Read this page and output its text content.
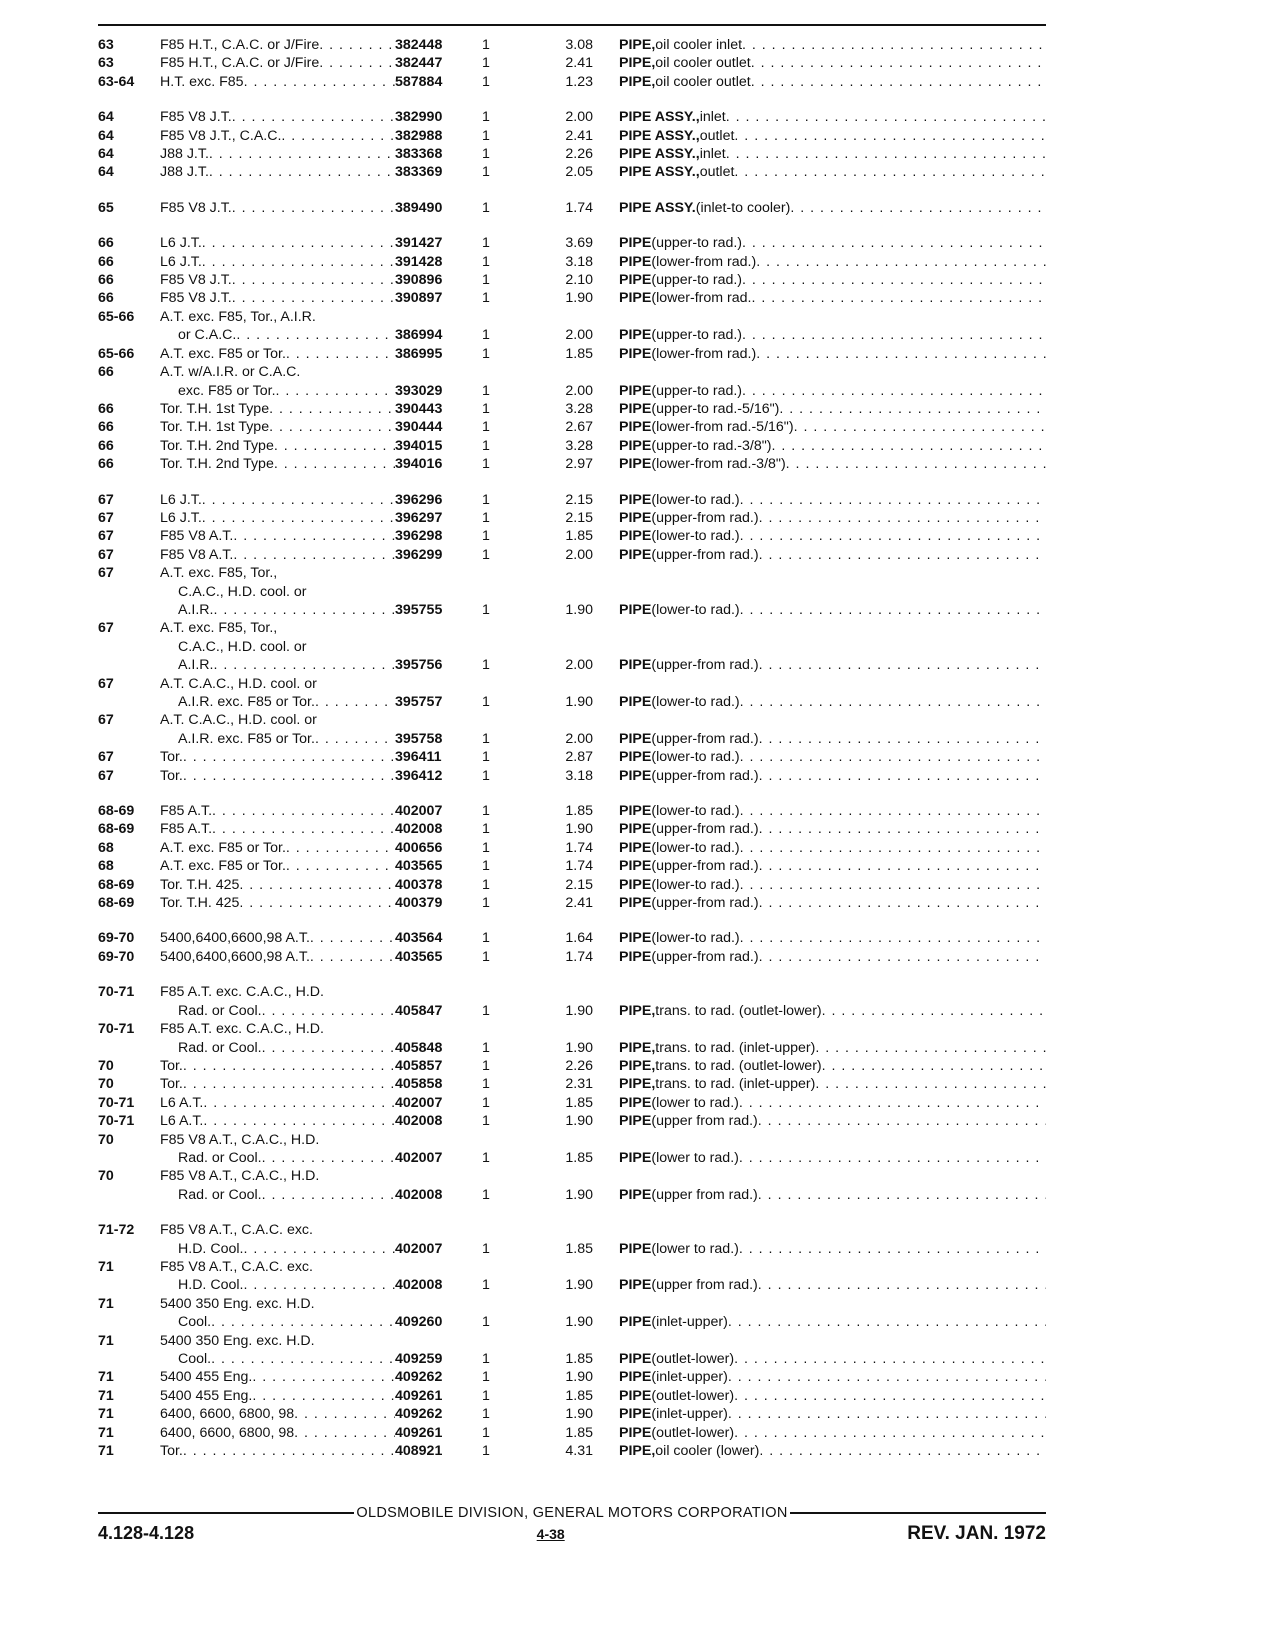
63	F85 H.T., C.A.C. or J/Fire . . .	382448	1	3.08	PIPE, oil cooler inlet
. . .
63	F85 H.T., C.A.C. or J/Fire . . .	382447	1	2.41	PIPE, oil cooler outlet
. . .
63-64	H.T. exc. F85 . . .	587884	1	1.23	PIPE, oil cooler outlet
. . .
64	F85 V8 J.T. . . .	382990	1	2.00	PIPE ASSY., inlet
. . .
64	F85 V8 J.T., C.A.C. . . .	382988	1	2.41	PIPE ASSY., outlet
. . .
64	J88 J.T. . . .	383368	1	2.26	PIPE ASSY., inlet
. . .
64	J88 J.T. . . .	383369	1	2.05	PIPE ASSY., outlet
. . .
65	F85 V8 J.T. . . .	389490	1	1.74	PIPE ASSY. (inlet-to cooler)
. . .
66	L6 J.T. . . .	391427	1	3.69	PIPE (upper-to rad.)
. . .
66	L6 J.T. . . .	391428	1	3.18	PIPE (lower-from rad.)
. . .
66	F85 V8 J.T. . . .	390896	1	2.10	PIPE (upper-to rad.)
. . .
66	F85 V8 J.T. . . .	390897	1	1.90	PIPE (lower-from rad.
. . .
65-66	A.T. exc. F85, Tor., A.I.R.
or C.A.C. . . .	386994	1	2.00	PIPE (upper-to rad.)
. . .
65-66	A.T. exc. F85 or Tor. . . .	386995	1	1.85	PIPE (lower-from rad.)
. . .
66	A.T. w/A.I.R. or C.A.C.
exc. F85 or Tor. . . .	393029	1	2.00	PIPE (upper-to rad.)
. . .
66	Tor. T.H. 1st Type . . .	390443	1	3.28	PIPE (upper-to rad.-5/16")
. . .
66	Tor. T.H. 1st Type . . .	390444	1	2.67	PIPE (lower-from rad.-5/16")
. . .
66	Tor. T.H. 2nd Type . . .	394015	1	3.28	PIPE (upper-to rad.-3/8")
. . .
66	Tor. T.H. 2nd Type . . .	394016	1	2.97	PIPE (lower-from rad.-3/8")
. . .
67	L6 J.T. . . .	396296	1	2.15	PIPE (lower-to rad.)
. . .
67	L6 J.T. . . .	396297	1	2.15	PIPE (upper-from rad.)
. . .
67	F85 V8 A.T. . . .	396298	1	1.85	PIPE (lower-to rad.)
. . .
67	F85 V8 A.T. . . .	396299	1	2.00	PIPE (upper-from rad.)
. . .
67	A.T. exc. F85, Tor.,
C.A.C., H.D. cool. or
A.I.R. . . .	395755	1	1.90	PIPE (lower-to rad.)
. . .
67	A.T. exc. F85, Tor.,
C.A.C., H.D. cool. or
A.I.R. . . .	395756	1	2.00	PIPE (upper-from rad.)
. . .
67	A.T. C.A.C., H.D. cool. or
A.I.R. exc. F85 or Tor. . . .	395757	1	1.90	PIPE (lower-to rad.)
. . .
67	A.T. C.A.C., H.D. cool. or
A.I.R. exc. F85 or Tor. . . .	395758	1	2.00	PIPE (upper-from rad.)
. . .
67	Tor. . . .	396411	1	2.87	PIPE (lower-to rad.)
. . .
67	Tor. . . .	396412	1	3.18	PIPE (upper-from rad.)
. . .
68-69	F85 A.T. . . .	402007	1	1.85	PIPE (lower-to rad.)
. . .
68-69	F85 A.T. . . .	402008	1	1.90	PIPE (upper-from rad.)
. . .
68	A.T. exc. F85 or Tor. . . .	400656	1	1.74	PIPE (lower-to rad.)
. . .
68	A.T. exc. F85 or Tor. . . .	403565	1	1.74	PIPE (upper-from rad.)
. . .
68-69	Tor. T.H. 425 . . .	400378	1	2.15	PIPE (lower-to rad.)
. . .
68-69	Tor. T.H. 425 . . .	400379	1	2.41	PIPE (upper-from rad.)
. . .
69-70	5400,6400,6600,98 A.T. . . .	403564	1	1.64	PIPE (lower-to rad.)
. . .
69-70	5400,6400,6600,98 A.T. . . .	403565	1	1.74	PIPE (upper-from rad.)
. . .
70-71	F85 A.T. exc. C.A.C., H.D.
Rad. or Cool. . . .	405847	1	1.90	PIPE, trans. to rad. (outlet-lower)
. . .
70-71	F85 A.T. exc. C.A.C., H.D.
Rad. or Cool. . . .	405848	1	1.90	PIPE, trans. to rad. (inlet-upper)
. . .
70	Tor. . . .	405857	1	2.26	PIPE, trans. to rad. (outlet-lower)
. . .
70	Tor. . . .	405858	1	2.31	PIPE, trans. to rad. (inlet-upper)
. . .
70-71	L6 A.T. . . .	402007	1	1.85	PIPE (lower to rad.)
. . .
70-71	L6 A.T. . . .	402008	1	1.90	PIPE (upper from rad.)
. . .
70	F85 V8 A.T., C.A.C., H.D.
Rad. or Cool. . . .	402007	1	1.85	PIPE (lower to rad.)
. . .
70	F85 V8 A.T., C.A.C., H.D.
Rad. or Cool. . . .	402008	1	1.90	PIPE (upper from rad.)
. . .
71-72	F85 V8 A.T., C.A.C. exc.
H.D. Cool. . . .	402007	1	1.85	PIPE (lower to rad.)
. . .
71	F85 V8 A.T., C.A.C. exc.
H.D. Cool. . . .	402008	1	1.90	PIPE (upper from rad.)
. . .
71	5400 350 Eng. exc. H.D.
Cool. . . .	409260	1	1.90	PIPE (inlet-upper)
. . .
71	5400 350 Eng. exc. H.D.
Cool. . . .	409259	1	1.85	PIPE (outlet-lower)
. . .
71	5400 455 Eng. . . .	409262	1	1.90	PIPE (inlet-upper)
. . .
71	5400 455 Eng. . . .	409261	1	1.85	PIPE (outlet-lower)
. . .
71	6400, 6600, 6800, 98 . . .	409262	1	1.90	PIPE (inlet-upper)
. . .
71	6400, 6600, 6800, 98 . . .	409261	1	1.85	PIPE (outlet-lower)
. . .
71	Tor. . . .	408921	1	4.31	PIPE, oil cooler (lower)
. . .
OLDSMOBILE DIVISION, GENERAL MOTORS CORPORATION
4.128-4.128	4-38	REV. JAN. 1972
